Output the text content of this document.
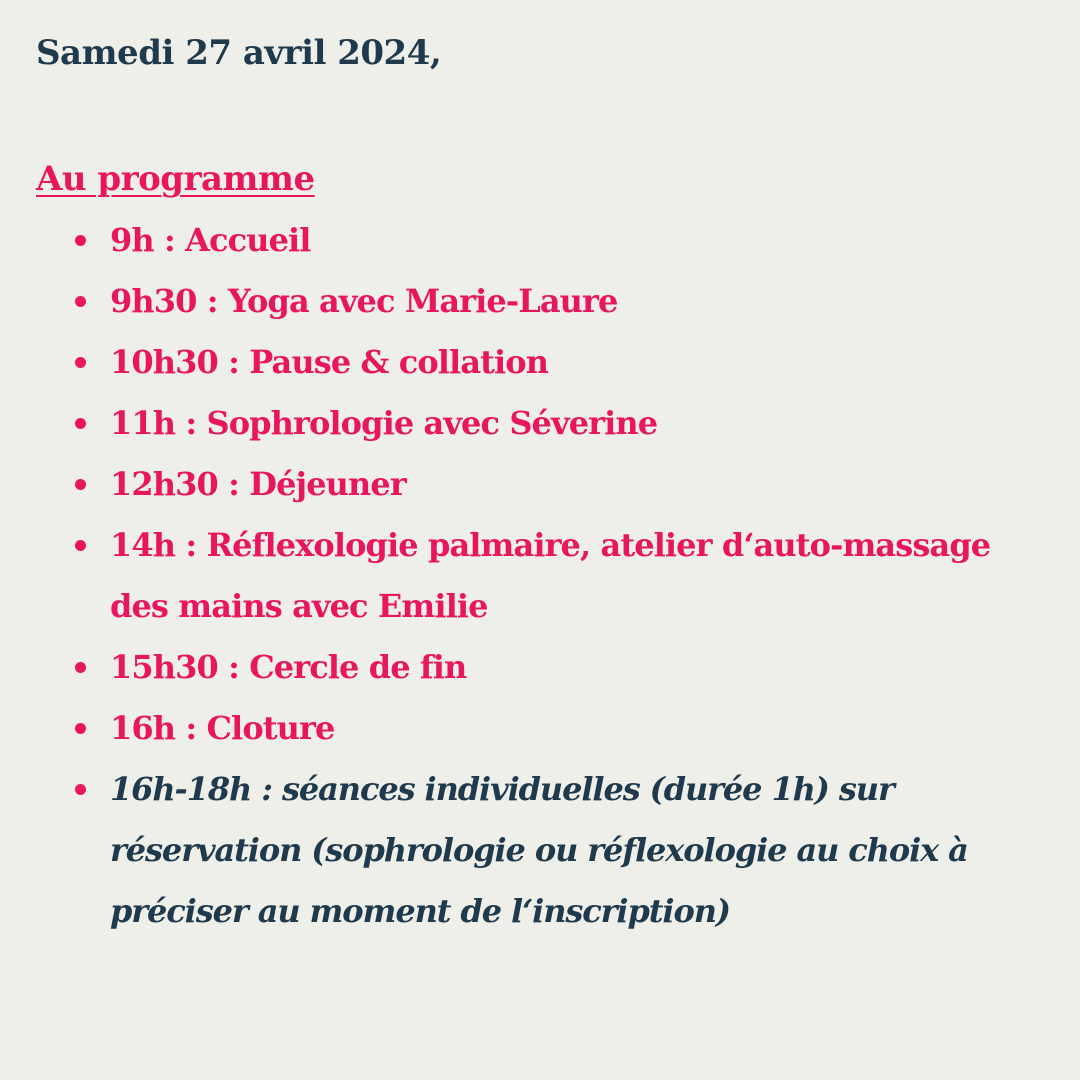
Samedi 27 avril 2024,

Au programme
9h : Accueil
9h30 : Yoga avec Marie-Laure
10h30 : Pause & collation
11h : Sophrologie avec Séverine
12h30 : Déjeuner
14h : Réflexologie palmaire, atelier d‘auto-massage des mains avec Emilie
15h30 : Cercle de fin
16h : Cloture
16h-18h : séances individuelles (durée 1h) sur réservation (sophrologie ou réflexologie au choix à préciser au moment de l‘inscription)
